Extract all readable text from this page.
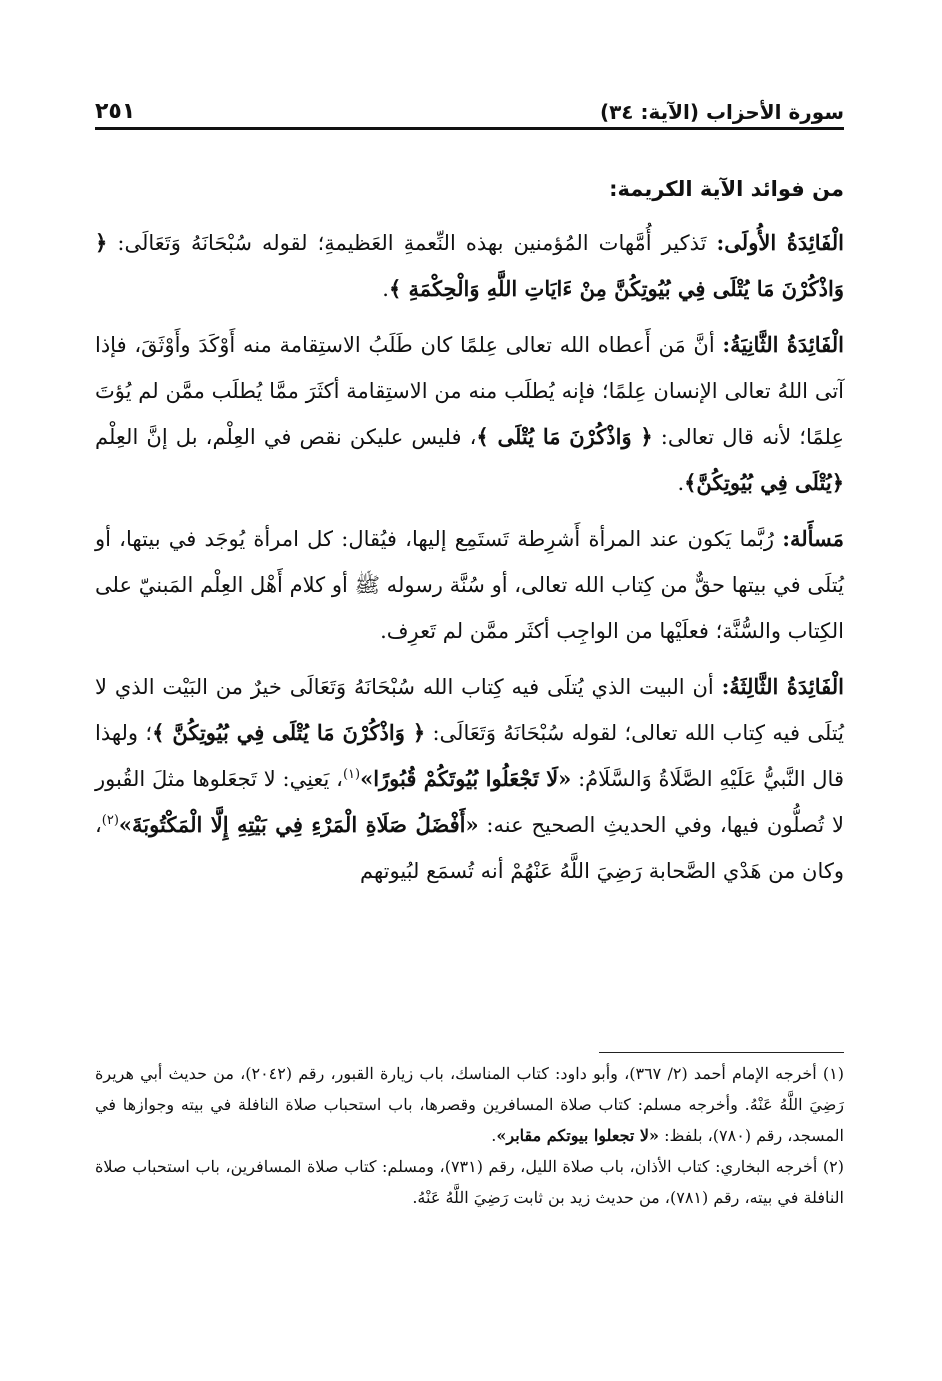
سورة الأحزاب (الآية: ٣٤)
٢٥١

من فوائد الآية الكريمة:

الْفَائِدَةُ الأُولَى: تَذكير أُمَّهات المُؤمنين بهذه النِّعمةِ العَظيمةِ؛ لقوله سُبْحَانَهُ وَتَعَالَى: ﴿ وَاذْكُرْنَ مَا يُتْلَى فِي بُيُوتِكُنَّ مِنْ ءَايَاتِ اللَّهِ وَالْحِكْمَةِ ﴾.

الْفَائِدَةُ الثَّانِيَةُ: أنَّ مَن أَعطاه الله تعالى عِلمًا كان طَلَبُ الاستِقامة منه أَوْكَدَ وأَوْثَقَ، فإذا آتى اللهُ تعالى الإنسان عِلمًا؛ فإنه يُطلَب منه من الاستِقامة أكثَرَ ممَّا يُطلَب ممَّن لم يُؤتَ عِلمًا؛ لأنه قال تعالى: ﴿ وَاذْكُرْنَ مَا يُتْلَى ﴾، فليس عليكن نقص في العِلْم، بل إنَّ العِلْم ﴿يُتْلَى فِي بُيُوتِكُنَّ﴾.

مَسأَلة: رُبَّما يَكون عند المرأة أَشرِطة تَستَمِع إليها، فيُقال: كل امرأة يُوجَد في بيتها، أو يُتلَى في بيتها حقٌّ من كِتاب الله تعالى، أو سُنَّة رسوله ﷺ أو كلام أَهْل العِلْم المَبنيّ على الكِتاب والسُّنَّة؛ فعلَيْها من الواجِب أكثَر ممَّن لم تَعرِف.

الْفَائِدَةُ الثَّالِثَةُ: أن البيت الذي يُتلَى فيه كِتاب الله سُبْحَانَهُ وَتَعَالَى خيرٌ من البَيْت الذي لا يُتلَى فيه كِتاب الله تعالى؛ لقوله سُبْحَانَهُ وَتَعَالَى: ﴿ وَاذْكُرْنَ مَا يُتْلَى فِي بُيُوتِكُنَّ ﴾؛ ولهذا قال النَّبيُّ عَلَيْهِ الصَّلَاةُ وَالسَّلَامُ: «لَا تَجْعَلُوا بُيُوتَكُمْ قُبُورًا»$^{(١)}$، يَعنِي: لا تَجعَلوها مثلَ القُبور لا تُصلُّون فيها، وفي الحديثِ الصحيح عنه: «أَفْضَلُ صَلَاةِ الْمَرْءِ فِي بَيْتِهِ إِلَّا الْمَكْتُوبَةَ»$^{(٢)}$، وكان من هَدْي الصَّحابة رَضِيَ اللَّهُ عَنْهُمْ أنه تُسمَع لبُيوتهم

(١) أخرجه الإمام أحمد (٢/ ٣٦٧)، وأبو داود: كتاب المناسك، باب زيارة القبور، رقم (٢٠٤٢)، من حديث أبي هريرة رَضِيَ اللَّهُ عَنْهُ. وأخرجه مسلم: كتاب صلاة المسافرين وقصرها، باب استحباب صلاة النافلة في بيته وجوازها في المسجد، رقم (٧٨٠)، بلفظ: «لا تجعلوا بيوتكم مقابر».

(٢) أخرجه البخاري: كتاب الأذان، باب صلاة الليل، رقم (٧٣١)، ومسلم: كتاب صلاة المسافرين، باب استحباب صلاة النافلة في بيته، رقم (٧٨١)، من حديث زيد بن ثابت رَضِيَ اللَّهُ عَنْهُ.
